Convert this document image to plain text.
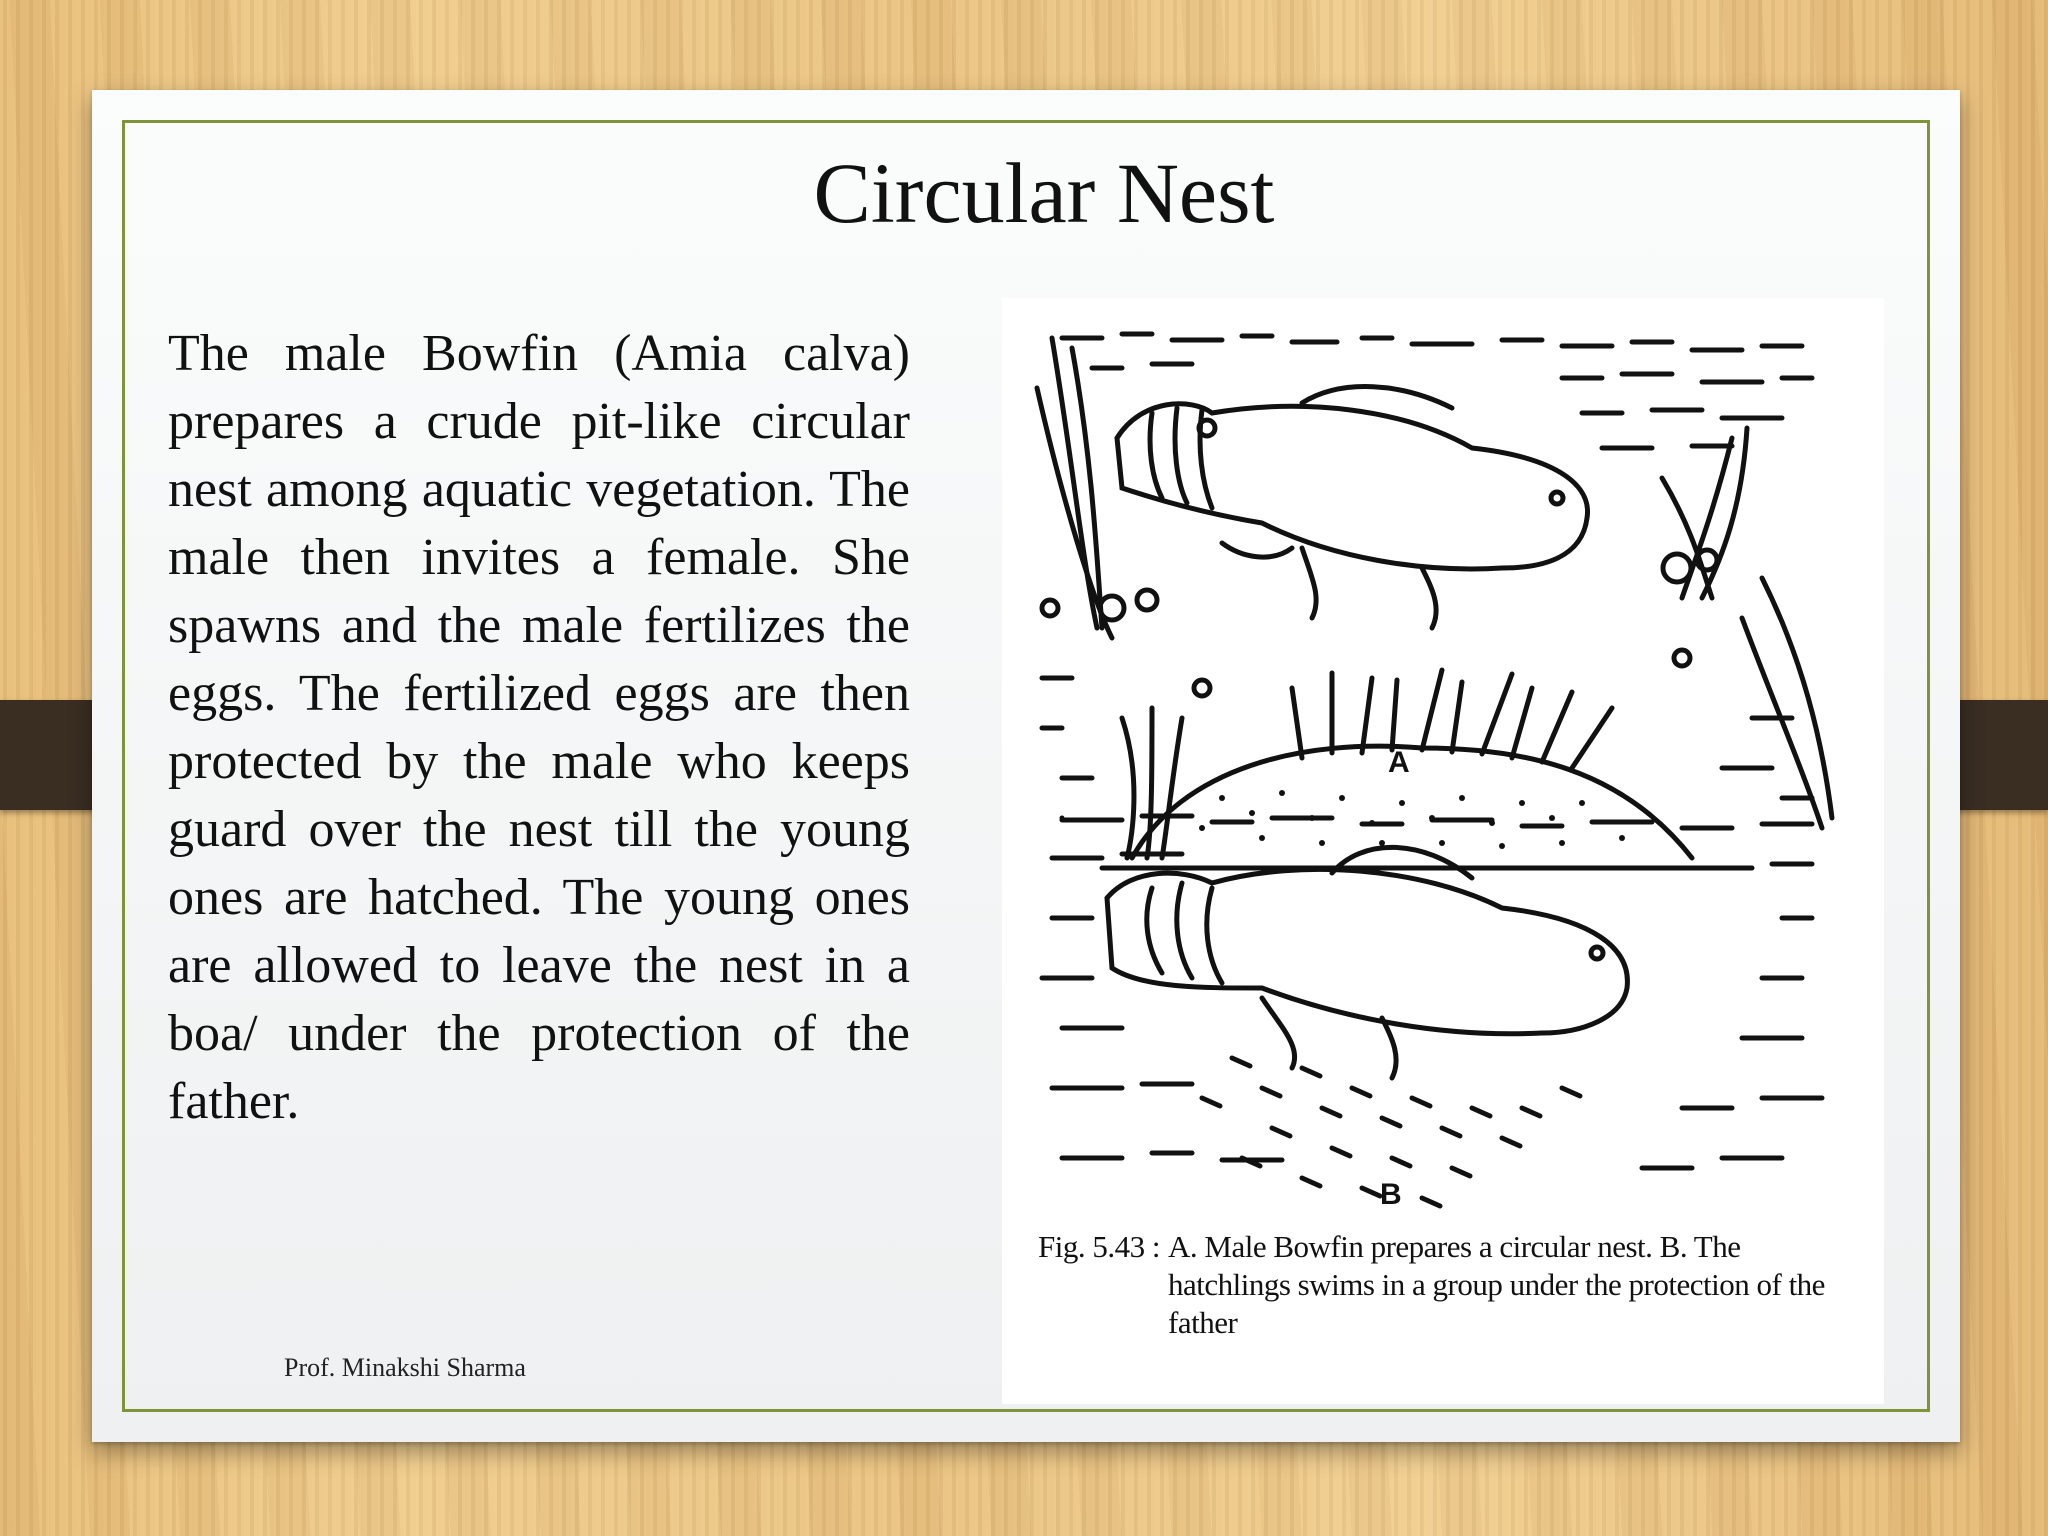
Circular Nest

The male Bowfin (Amia calva) prepares a crude pit-like circular nest among aquatic vegetation. The male then invites a female. She spawns and the male fertilizes the eggs. The fertilized eggs are then protected by the male who keeps guard over the nest till the young ones are hatched. The young ones are allowed to leave the nest in a boa/ under the protection of the father.

Prof. Minakshi Sharma
A
B
Fig. 5.43 : A. Male Bowfin prepares a circular nest. B. The hatchlings swims in a group under the protection of the father
